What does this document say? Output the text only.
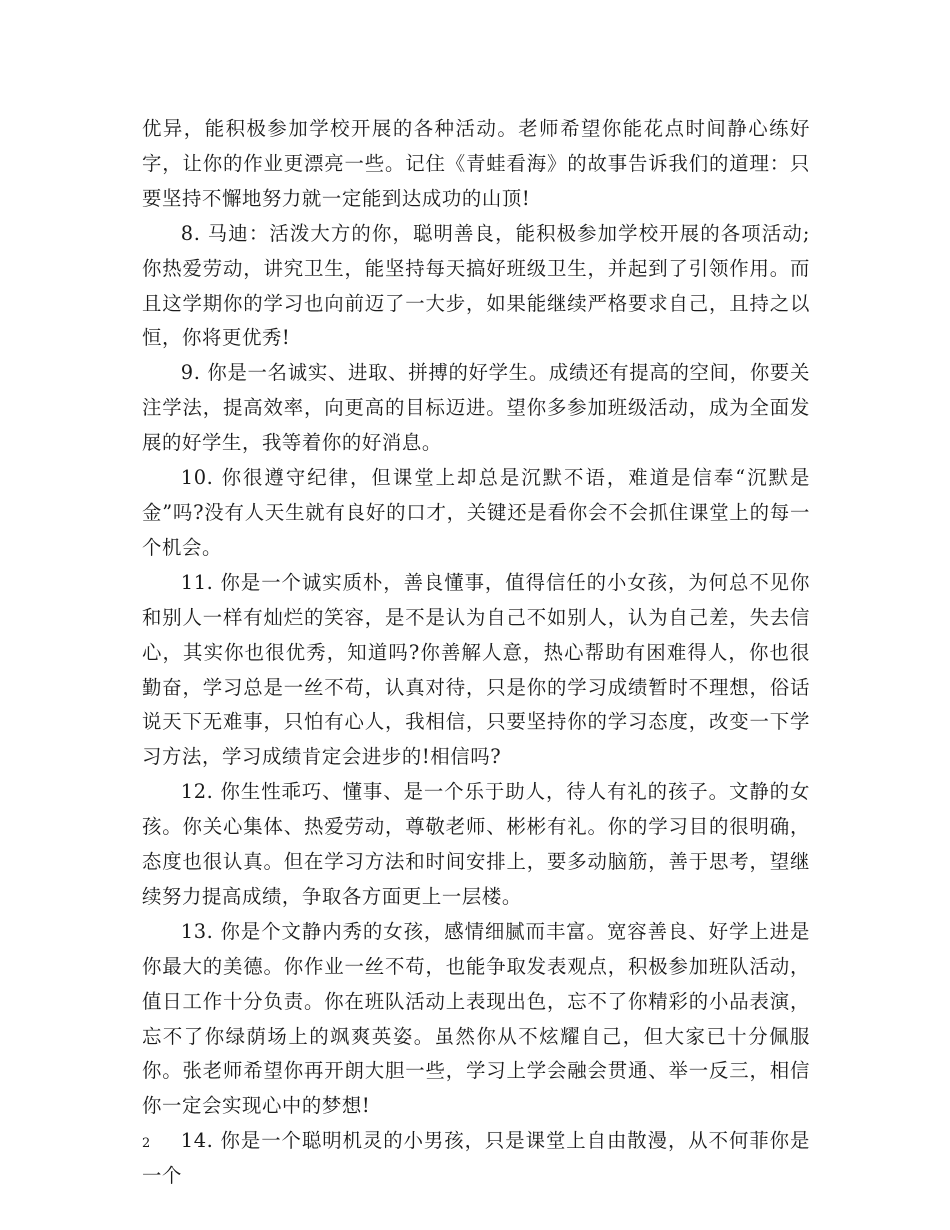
优异，能积极参加学校开展的各种活动。老师希望你能花点时间静心练好字，让你的作业更漂亮一些。记住《青蛙看海》的故事告诉我们的道理：只要坚持不懈地努力就一定能到达成功的山顶!

8. 马迪：活泼大方的你，聪明善良，能积极参加学校开展的各项活动;你热爱劳动，讲究卫生，能坚持每天搞好班级卫生，并起到了引领作用。而且这学期你的学习也向前迈了一大步，如果能继续严格要求自己，且持之以恒，你将更优秀!

9. 你是一名诚实、进取、拼搏的好学生。成绩还有提高的空间，你要关注学法，提高效率，向更高的目标迈进。望你多参加班级活动，成为全面发展的好学生，我等着你的好消息。

10. 你很遵守纪律，但课堂上却总是沉默不语，难道是信奉“沉默是金”吗?没有人天生就有良好的口才，关键还是看你会不会抓住课堂上的每一个机会。

11. 你是一个诚实质朴，善良懂事，值得信任的小女孩，为何总不见你和别人一样有灿烂的笑容，是不是认为自己不如别人，认为自己差，失去信心，其实你也很优秀，知道吗?你善解人意，热心帮助有困难得人，你也很勤奋，学习总是一丝不苟，认真对待，只是你的学习成绩暂时不理想，俗话说天下无难事，只怕有心人，我相信，只要坚持你的学习态度，改变一下学习方法，学习成绩肯定会进步的!相信吗?

12. 你生性乖巧、懂事、是一个乐于助人，待人有礼的孩子。文静的女孩。你关心集体、热爱劳动，尊敬老师、彬彬有礼。你的学习目的很明确，态度也很认真。但在学习方法和时间安排上，要多动脑筋，善于思考，望继续努力提高成绩，争取各方面更上一层楼。

13. 你是个文静内秀的女孩，感情细腻而丰富。宽容善良、好学上进是你最大的美德。你作业一丝不苟，也能争取发表观点，积极参加班队活动，值日工作十分负责。你在班队活动上表现出色，忘不了你精彩的小品表演，忘不了你绿荫场上的飒爽英姿。虽然你从不炫耀自己，但大家已十分佩服你。张老师希望你再开朗大胆一些，学习上学会融会贯通、举一反三，相信你一定会实现心中的梦想!

14. 你是一个聪明机灵的小男孩，只是课堂上自由散漫，从不何菲你是一个

2
